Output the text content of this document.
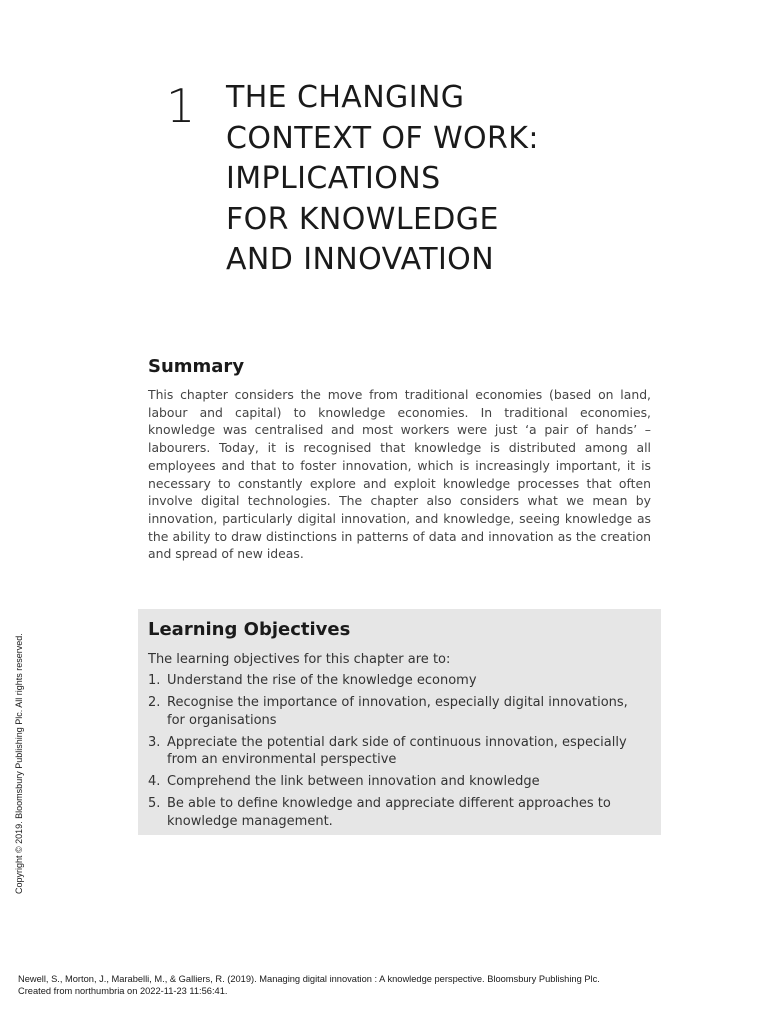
1 THE CHANGING
CONTEXT OF WORK:
IMPLICATIONS
FOR KNOWLEDGE
AND INNOVATION
Summary

This chapter considers the move from traditional economies (based on land, labour and capital) to knowledge economies. In traditional economies, knowledge was centralised and most workers were just ‘a pair of hands’ – labourers. Today, it is recognised that knowledge is distributed among all employees and that to foster innovation, which is increasingly important, it is necessary to constantly explore and exploit knowledge processes that often involve digital technologies. The chapter also considers what we mean by innovation, particularly digital innovation, and knowledge, seeing knowledge as the ability to draw distinctions in patterns of data and innovation as the creation and spread of new ideas.

Learning Objectives

The learning objectives for this chapter are to:

1. Understand the rise of the knowledge economy
2. Recognise the importance of innovation, especially digital innovations, for organisations
3. Appreciate the potential dark side of continuous innovation, especially from an environmental perspective
4. Comprehend the link between innovation and knowledge
5. Be able to define knowledge and appreciate different approaches to knowledge management.
Copyright © 2019. Bloomsbury Publishing Plc. All rights reserved.
Newell, S., Morton, J., Marabelli, M., & Galliers, R. (2019). Managing digital innovation : A knowledge perspective. Bloomsbury Publishing Plc.
Created from northumbria on 2022-11-23 11:56:41.
